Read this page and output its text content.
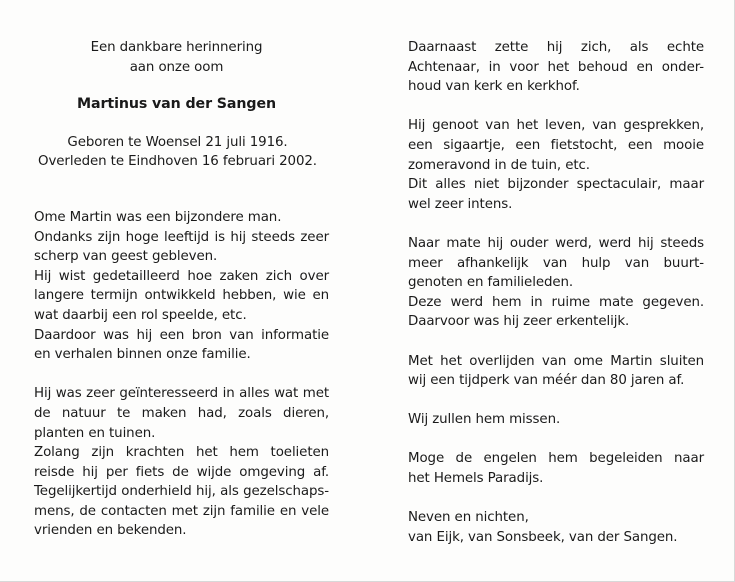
Een dankbare herinnering
aan onze oom
Martinus van der Sangen
Geboren te Woensel 21 juli 1916.
Overleden te Eindhoven 16 februari 2002.
Ome Martin was een bijzondere man.
Ondanks zijn hoge leeftijd is hij steeds zeer
scherp van geest gebleven.
Hij wist gedetailleerd hoe zaken zich over
langere termijn ontwikkeld hebben, wie en
wat daarbij een rol speelde, etc.
Daardoor was hij een bron van informatie
en verhalen binnen onze familie.
Hij was zeer geïnteresseerd in alles wat met
de natuur te maken had, zoals dieren,
planten en tuinen.
Zolang zijn krachten het hem toelieten
reisde hij per fiets de wijde omgeving af.
Tegelijkertijd onderhield hij, als gezelschaps-
mens, de contacten met zijn familie en vele
vrienden en bekenden.
Daarnaast zette hij zich, als echte
Achtenaar, in voor het behoud en onder-
houd van kerk en kerkhof.
Hij genoot van het leven, van gesprekken,
een sigaartje, een fietstocht, een mooie
zomeravond in de tuin, etc.
Dit alles niet bijzonder spectaculair, maar
wel zeer intens.
Naar mate hij ouder werd, werd hij steeds
meer afhankelijk van hulp van buurt-
genoten en familieleden.
Deze werd hem in ruime mate gegeven.
Daarvoor was hij zeer erkentelijk.
Met het overlijden van ome Martin sluiten
wij een tijdperk van méér dan 80 jaren af.
Wij zullen hem missen.
Moge de engelen hem begeleiden naar
het Hemels Paradijs.
Neven en nichten,
van Eijk, van Sonsbeek, van der Sangen.
